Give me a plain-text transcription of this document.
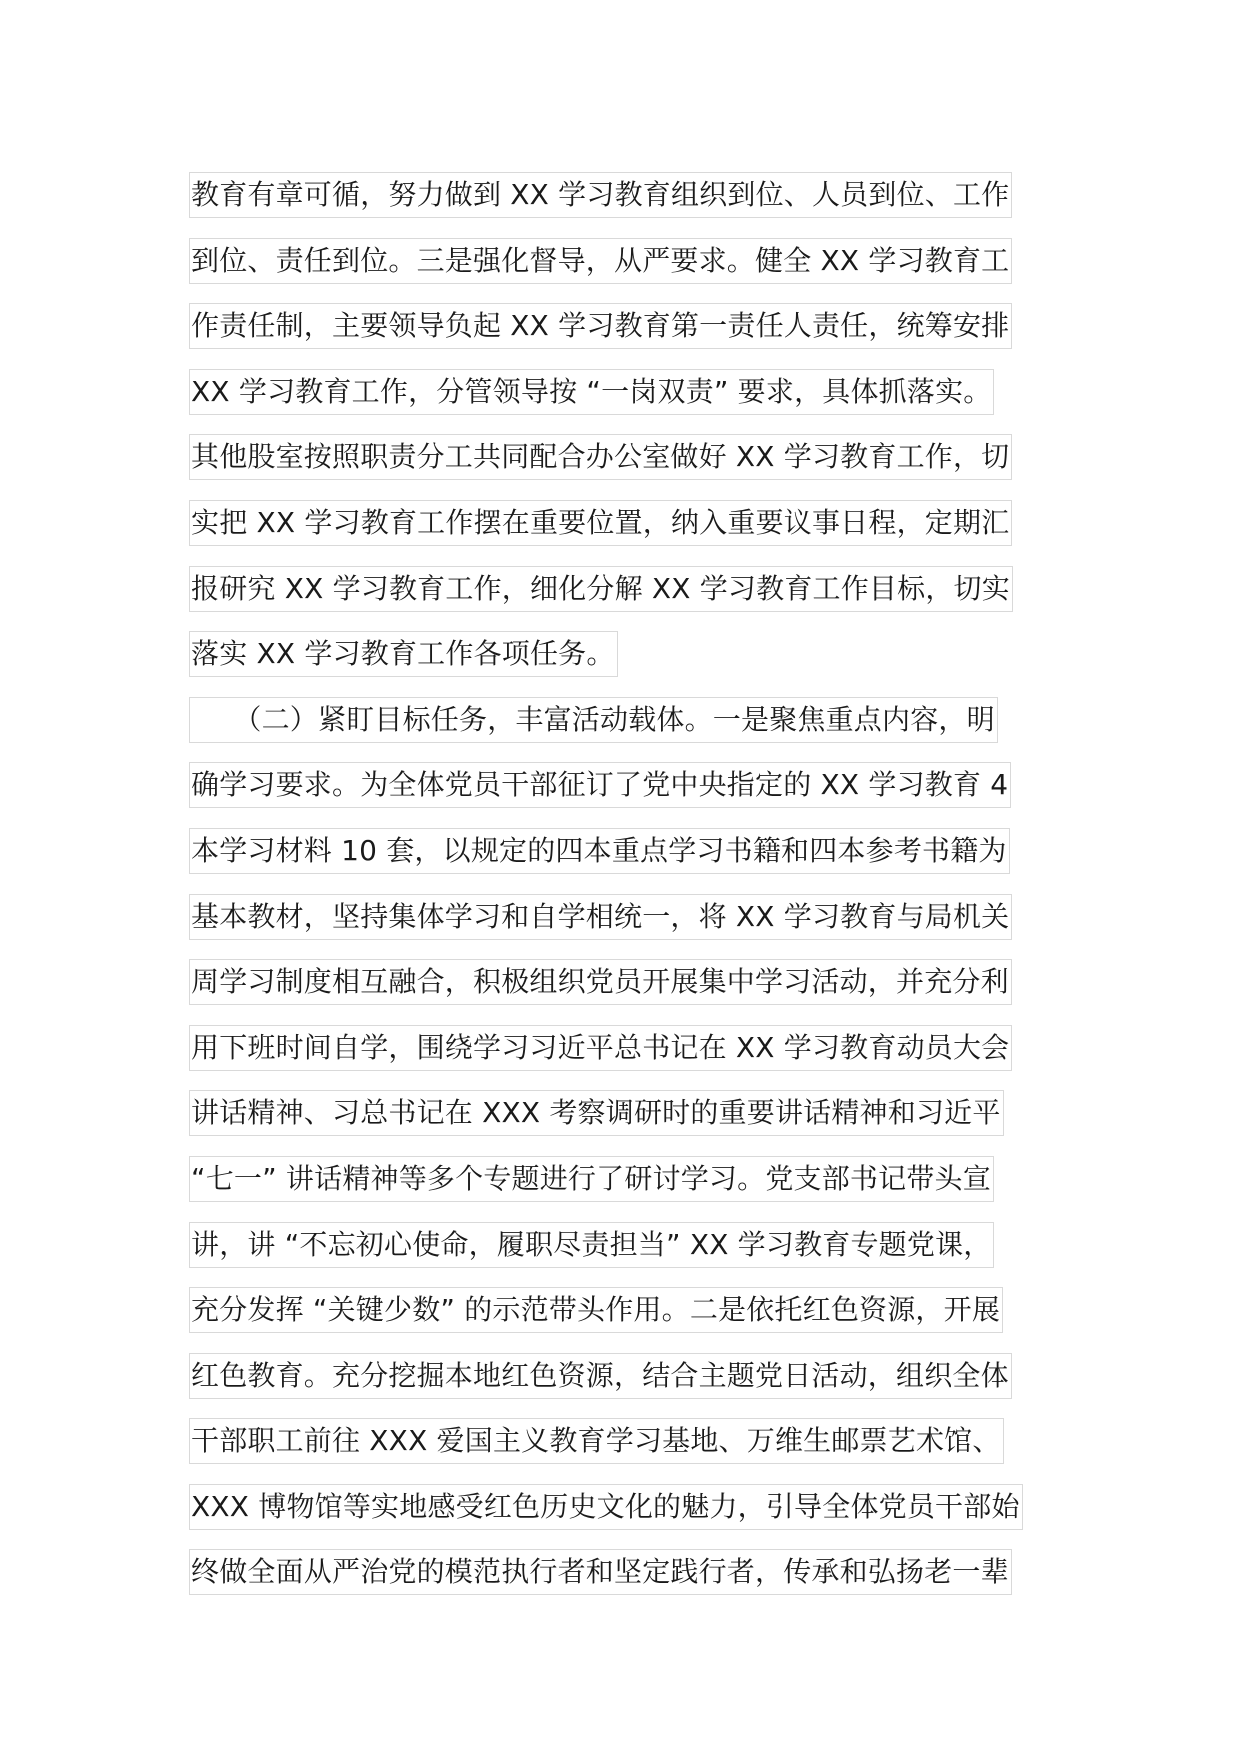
教育有章可循，努力做到 XX 学习教育组织到位、人员到位、工作
到位、责任到位。三是强化督导，从严要求。健全 XX 学习教育工
作责任制，主要领导负起 XX 学习教育第一责任人责任，统筹安排
XX 学习教育工作，分管领导按 “一岗双责” 要求，具体抓落实。
其他股室按照职责分工共同配合办公室做好 XX 学习教育工作，切
实把 XX 学习教育工作摆在重要位置，纳入重要议事日程，定期汇
报研究 XX 学习教育工作，细化分解 XX 学习教育工作目标，切实
落实 XX 学习教育工作各项任务。
　　（二）紧盯目标任务，丰富活动载体。一是聚焦重点内容，明
确学习要求。为全体党员干部征订了党中央指定的 XX 学习教育 4
本学习材料 10 套，以规定的四本重点学习书籍和四本参考书籍为
基本教材，坚持集体学习和自学相统一，将 XX 学习教育与局机关
周学习制度相互融合，积极组织党员开展集中学习活动，并充分利
用下班时间自学，围绕学习习近平总书记在 XX 学习教育动员大会
讲话精神、习总书记在 XXX 考察调研时的重要讲话精神和习近平
“七一” 讲话精神等多个专题进行了研讨学习。党支部书记带头宣
讲，讲 “不忘初心使命，履职尽责担当” XX 学习教育专题党课，
充分发挥 “关键少数” 的示范带头作用。二是依托红色资源，开展
红色教育。充分挖掘本地红色资源，结合主题党日活动，组织全体
干部职工前往 XXX 爱国主义教育学习基地、万维生邮票艺术馆、
XXX 博物馆等实地感受红色历史文化的魅力，引导全体党员干部始
终做全面从严治党的模范执行者和坚定践行者，传承和弘扬老一辈
